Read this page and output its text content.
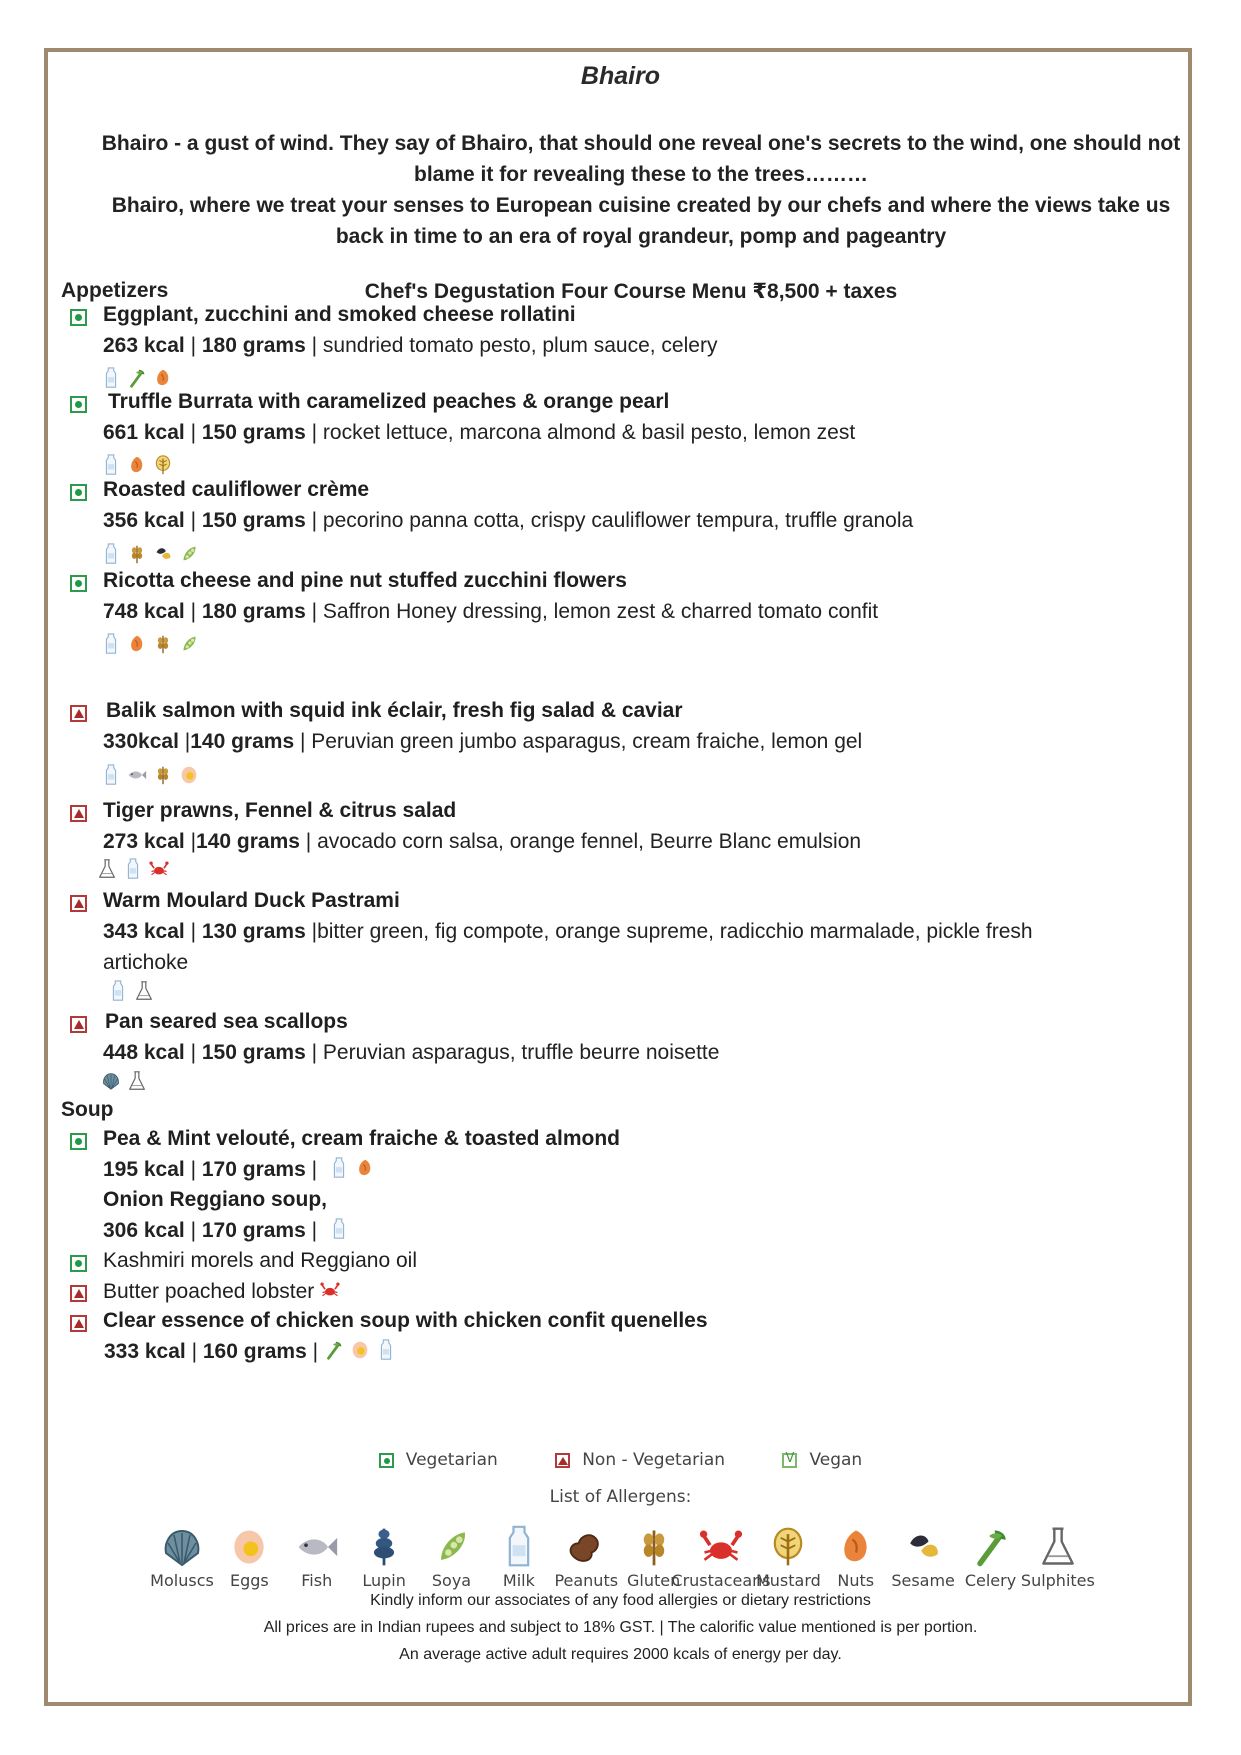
Bhairo

Bhairo - a gust of wind. They say of Bhairo, that should one reveal one's secrets to the wind, one should not blame it for revealing these to the trees………

Bhairo, where we treat your senses to European cuisine created by our chefs and where the views take us back in time to an era of royal grandeur, pomp and pageantry

Chef's Degustation Four Course Menu ₹8,500 + taxes
Appetizers
Eggplant, zucchini and smoked cheese rollatini
263 kcal | 180 grams | sundried tomato pesto, plum sauce, celery
Truffle Burrata with caramelized peaches & orange pearl
661 kcal | 150 grams | rocket lettuce, marcona almond & basil pesto, lemon zest
Roasted cauliflower crème
356 kcal | 150 grams | pecorino panna cotta, crispy cauliflower tempura, truffle granola
Ricotta cheese and pine nut stuffed zucchini flowers
748 kcal | 180 grams | Saffron Honey dressing, lemon zest & charred tomato confit
Balik salmon with squid ink éclair, fresh fig salad & caviar
330kcal |140 grams | Peruvian green jumbo asparagus, cream fraiche, lemon gel
Tiger prawns, Fennel & citrus salad
273 kcal |140 grams | avocado corn salsa, orange fennel, Beurre Blanc emulsion
Warm Moulard Duck Pastrami
343 kcal | 130 grams |bitter green, fig compote, orange supreme, radicchio marmalade, pickle fresh artichoke
Pan seared sea scallops
448 kcal | 150 grams | Peruvian asparagus, truffle beurre noisette
Soup
Pea & Mint velouté, cream fraiche & toasted almond
195 kcal | 170 grams |
Onion Reggiano soup,
306 kcal | 170 grams |
Kashmiri morels and Reggiano oil
Butter poached lobster
Clear essence of chicken soup with chicken confit quenelles
333 kcal | 160 grams |
Vegetarian
	Non - Vegetarian

V	Vegan
List of Allergens:
Moluscs Eggs Fish Lupin Soya Milk Peanuts Gluten
Crustaceans
Mustard Nuts Sesame Celery Sulphites
Kindly inform our associates of any food allergies or dietary restrictions
All prices are in Indian rupees and subject to 18% GST. | The calorific value mentioned is per portion.
An average active adult requires 2000 kcals of energy per day.
